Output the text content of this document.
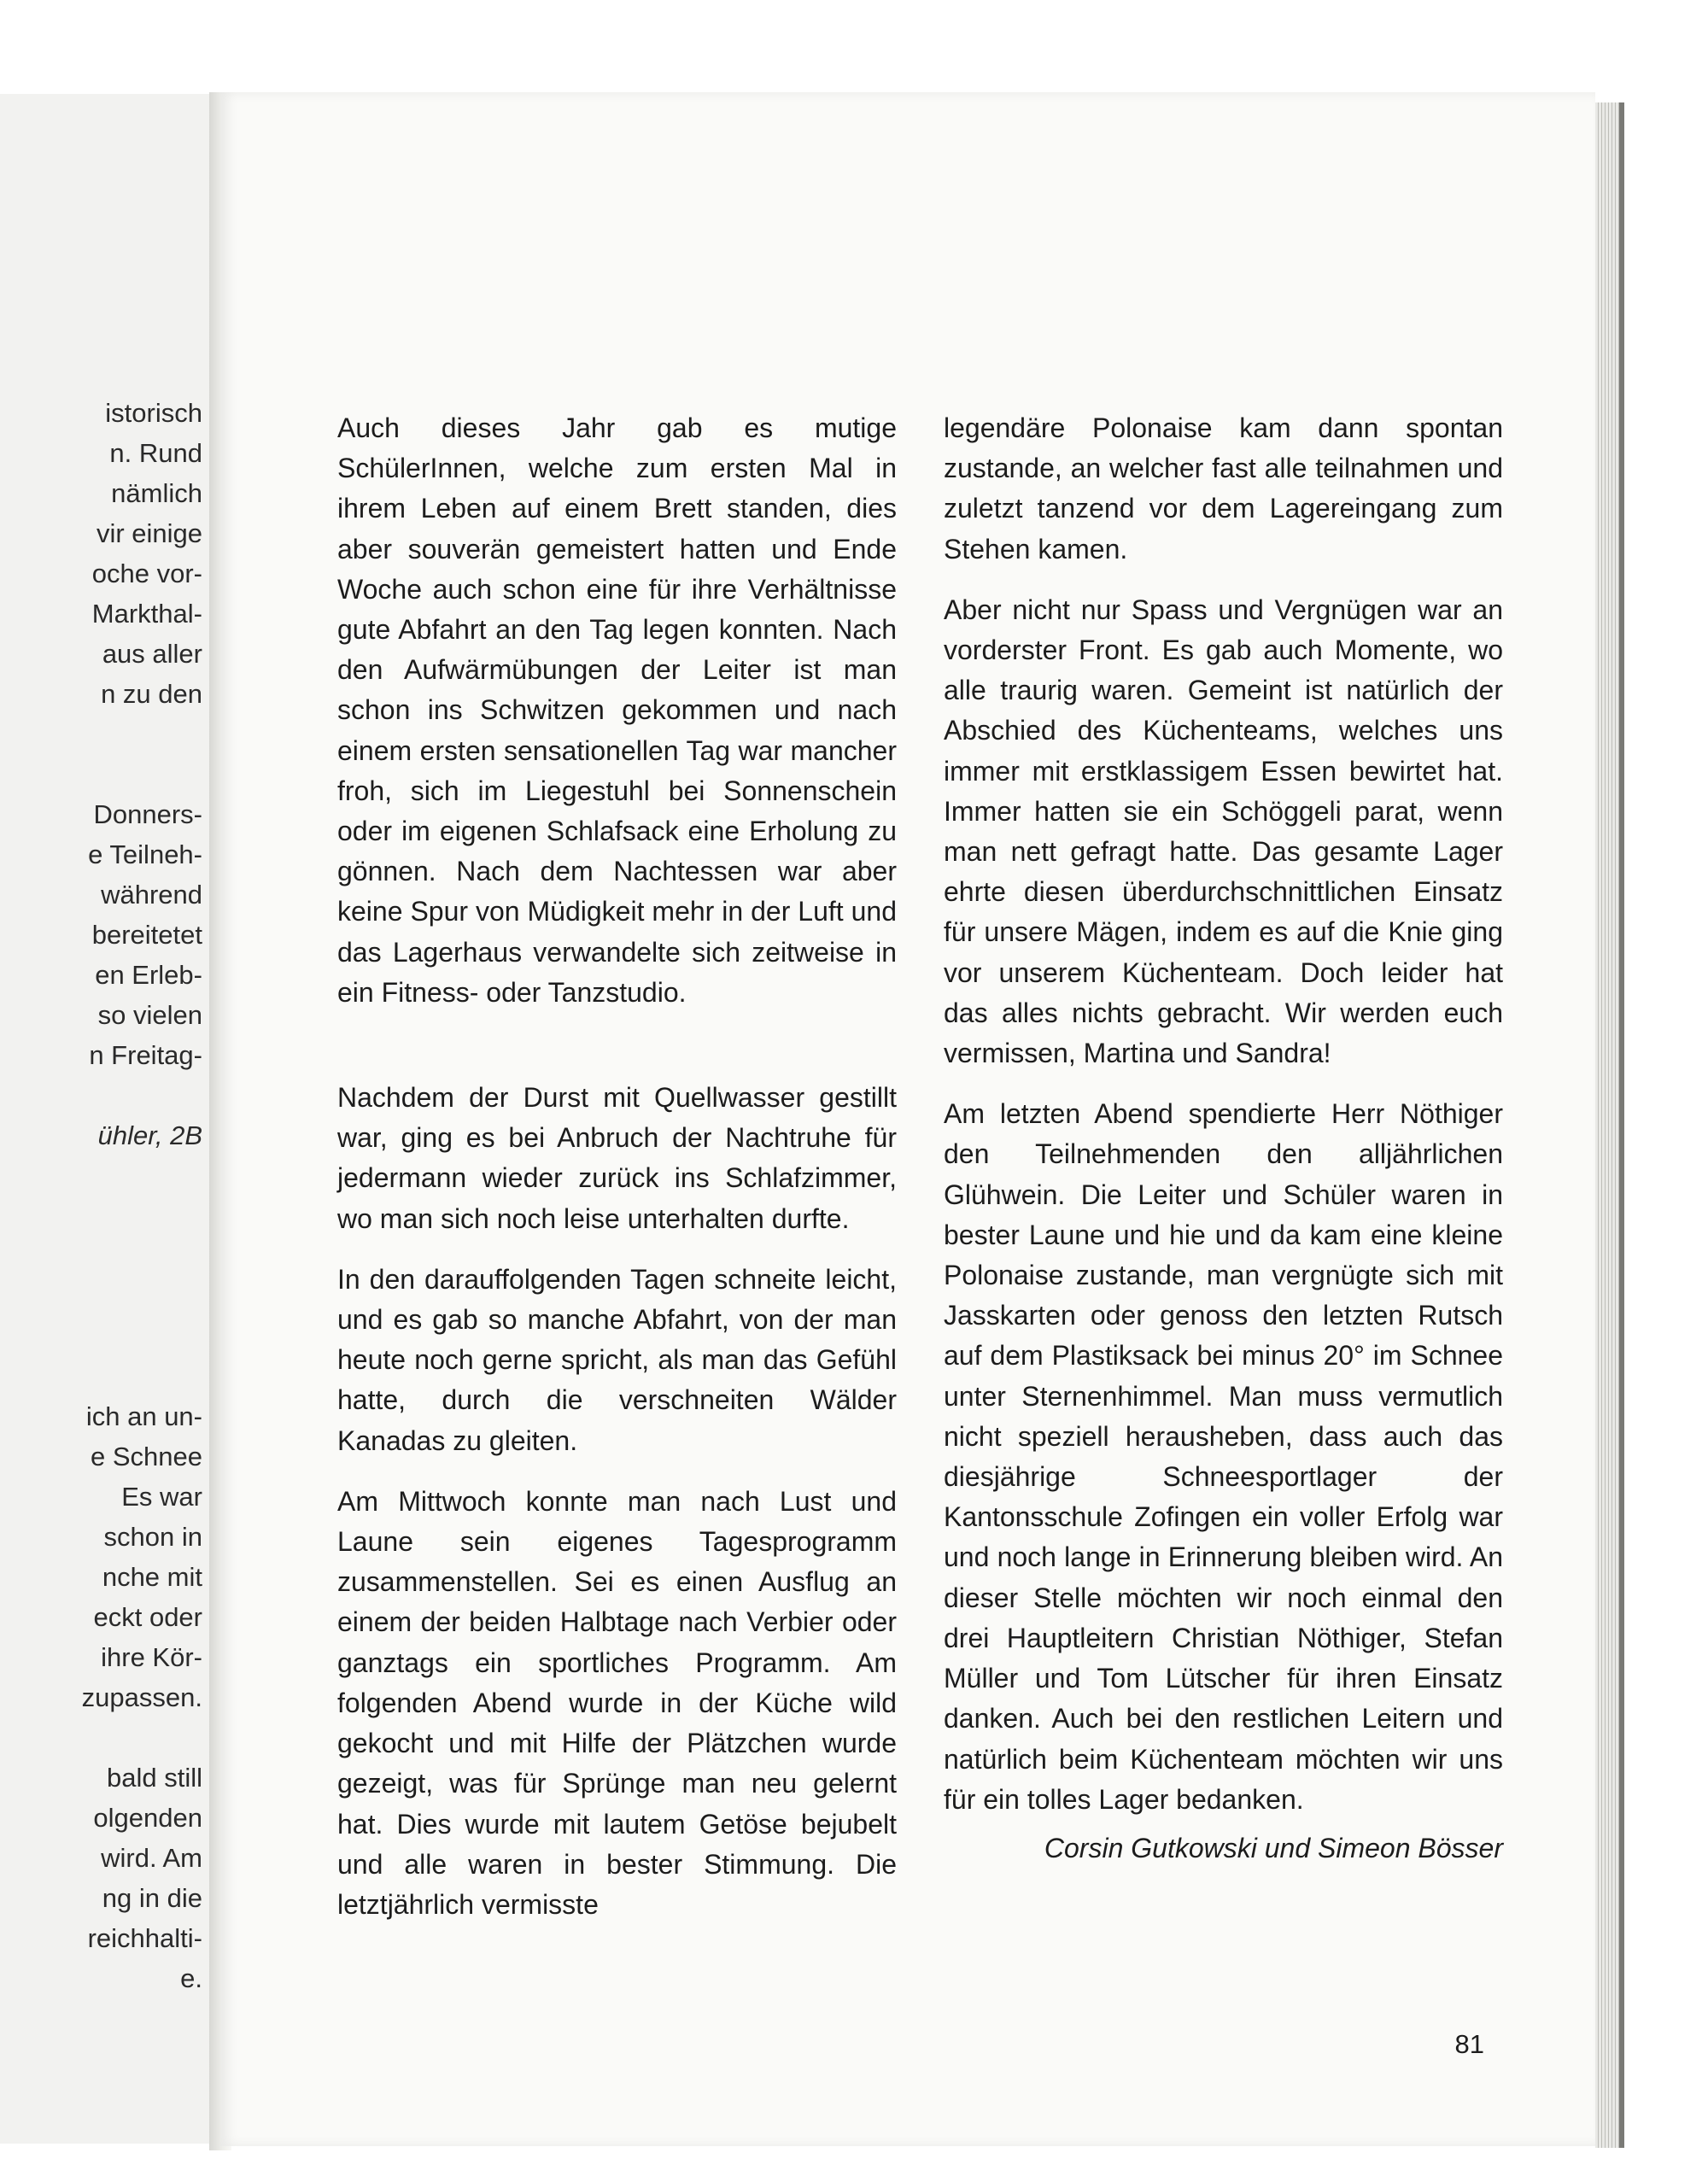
istorisch
n. Rund
nämlich
vir einige
oche vor-
Markthal-
aus aller
n zu den
Donners-
e Teilneh-
während
bereitetet
en Erleb-
so vielen
n Freitag-
ühler, 2B
ich an un-
e Schnee
Es war
schon in
nche mit
eckt oder
ihre Kör-
zupassen.
bald still
olgenden
wird. Am
ng in die
reichhalti-
e.

Auch dieses Jahr gab es mutige SchülerInnen, welche zum ersten Mal in ihrem Leben auf einem Brett standen, dies aber souverän gemeistert hatten und Ende Woche auch schon eine für ihre Verhältnisse gute Abfahrt an den Tag legen konnten. Nach den Aufwärmübungen der Leiter ist man schon ins Schwitzen gekommen und nach einem ersten sensationellen Tag war mancher froh, sich im Liegestuhl bei Sonnenschein oder im eigenen Schlafsack eine Erholung zu gönnen. Nach dem Nachtessen war aber keine Spur von Müdigkeit mehr in der Luft und das Lagerhaus verwandelte sich zeitweise in ein Fitness- oder Tanzstudio.

Nachdem der Durst mit Quellwasser gestillt war, ging es bei Anbruch der Nachtruhe für jedermann wieder zurück ins Schlafzimmer, wo man sich noch leise unterhalten durfte.

In den darauffolgenden Tagen schneite leicht, und es gab so manche Abfahrt, von der man heute noch gerne spricht, als man das Gefühl hatte, durch die verschneiten Wälder Kanadas zu gleiten.

Am Mittwoch konnte man nach Lust und Laune sein eigenes Tagesprogramm zusammenstellen. Sei es einen Ausflug an einem der beiden Halbtage nach Verbier oder ganztags ein sportliches Programm. Am folgenden Abend wurde in der Küche wild gekocht und mit Hilfe der Plätzchen wurde gezeigt, was für Sprünge man neu gelernt hat. Dies wurde mit lautem Getöse bejubelt und alle waren in bester Stimmung. Die letztjährlich vermisste

legendäre Polonaise kam dann spontan zustande, an welcher fast alle teilnahmen und zuletzt tanzend vor dem Lagereingang zum Stehen kamen.

Aber nicht nur Spass und Vergnügen war an vorderster Front. Es gab auch Momente, wo alle traurig waren. Gemeint ist natürlich der Abschied des Küchenteams, welches uns immer mit erstklassigem Essen bewirtet hat. Immer hatten sie ein Schöggeli parat, wenn man nett gefragt hatte. Das gesamte Lager ehrte diesen überdurchschnittlichen Einsatz für unsere Mägen, indem es auf die Knie ging vor unserem Küchenteam. Doch leider hat das alles nichts gebracht. Wir werden euch vermissen, Martina und Sandra!

Am letzten Abend spendierte Herr Nöthiger den Teilnehmenden den alljährlichen Glühwein. Die Leiter und Schüler waren in bester Laune und hie und da kam eine kleine Polonaise zustande, man vergnügte sich mit Jasskarten oder genoss den letzten Rutsch auf dem Plastiksack bei minus 20° im Schnee unter Sternenhimmel. Man muss vermutlich nicht speziell herausheben, dass auch das diesjährige Schneesportlager der Kantonsschule Zofingen ein voller Erfolg war und noch lange in Erinnerung bleiben wird. An dieser Stelle möchten wir noch einmal den drei Hauptleitern Christian Nöthiger, Stefan Müller und Tom Lütscher für ihren Einsatz danken. Auch bei den restlichen Leitern und natürlich beim Küchenteam möchten wir uns für ein tolles Lager bedanken.

Corsin Gutkowski und Simeon Bösser

81
